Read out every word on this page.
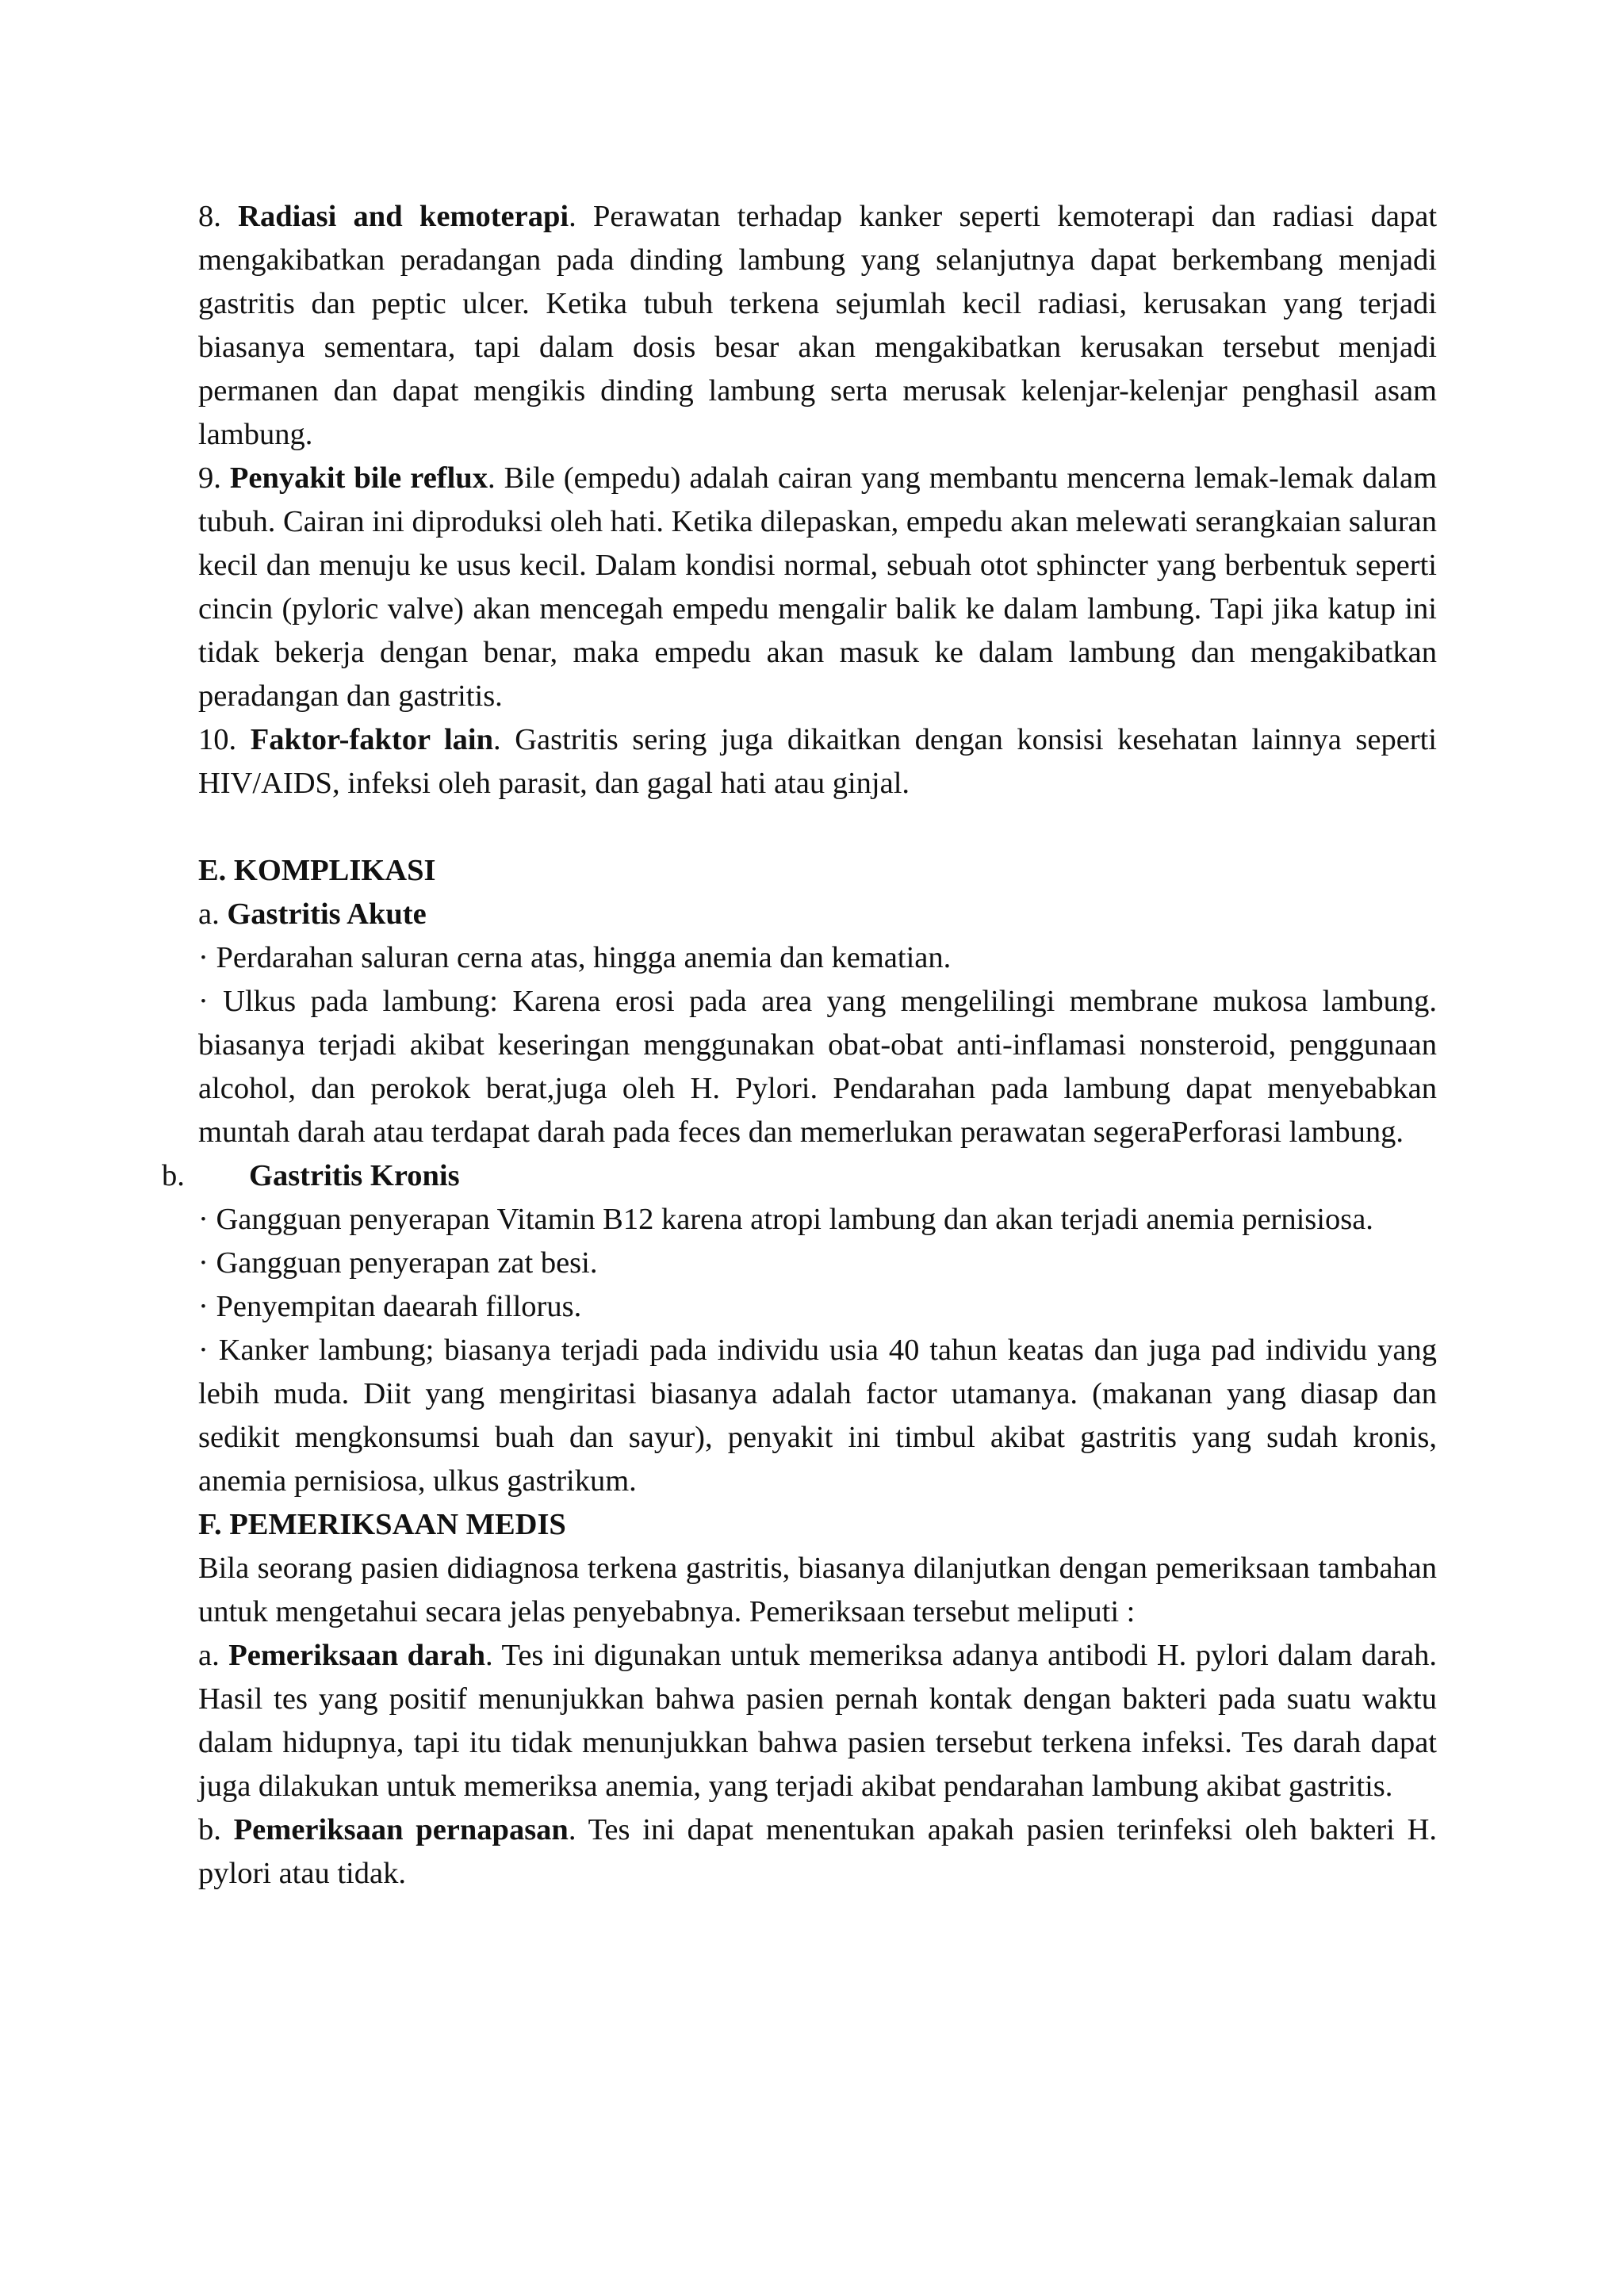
8. Radiasi and kemoterapi. Perawatan terhadap kanker seperti kemoterapi dan radiasi dapat mengakibatkan peradangan pada dinding lambung yang selanjutnya dapat berkembang menjadi gastritis dan peptic ulcer. Ketika tubuh terkena sejumlah kecil radiasi, kerusakan yang terjadi biasanya sementara, tapi dalam dosis besar akan mengakibatkan kerusakan tersebut menjadi permanen dan dapat mengikis dinding lambung serta merusak kelenjar-kelenjar penghasil asam lambung.

9. Penyakit bile reflux. Bile (empedu) adalah cairan yang membantu mencerna lemak-lemak dalam tubuh. Cairan ini diproduksi oleh hati. Ketika dilepaskan, empedu akan melewati serangkaian saluran kecil dan menuju ke usus kecil. Dalam kondisi normal, sebuah otot sphincter yang berbentuk seperti cincin (pyloric valve) akan mencegah empedu mengalir balik ke dalam lambung. Tapi jika katup ini tidak bekerja dengan benar, maka empedu akan masuk ke dalam lambung dan mengakibatkan peradangan dan gastritis.

10. Faktor-faktor lain. Gastritis sering juga dikaitkan dengan konsisi kesehatan lainnya seperti HIV/AIDS, infeksi oleh parasit, dan gagal hati atau ginjal.

E. KOMPLIKASI

a. Gastritis Akute

· Perdarahan saluran cerna atas, hingga anemia dan kematian.

· Ulkus pada lambung: Karena erosi pada area yang mengelilingi membrane mukosa lambung. biasanya terjadi akibat keseringan menggunakan obat-obat anti-inflamasi nonsteroid, penggunaan alcohol, dan perokok berat,juga oleh H. Pylori. Pendarahan pada lambung dapat menyebabkan muntah darah atau terdapat darah pada feces dan memerlukan perawatan segeraPerforasi lambung.

b. Gastritis Kronis

· Gangguan penyerapan Vitamin B12 karena atropi lambung dan akan terjadi anemia pernisiosa.

· Gangguan penyerapan zat besi.

· Penyempitan daearah fillorus.

· Kanker lambung; biasanya terjadi pada individu usia 40 tahun keatas dan juga pad individu yang lebih muda. Diit yang mengiritasi biasanya adalah factor utamanya. (makanan yang diasap dan sedikit mengkonsumsi buah dan sayur), penyakit ini timbul akibat gastritis yang sudah kronis, anemia pernisiosa, ulkus gastrikum.

F. PEMERIKSAAN MEDIS

Bila seorang pasien didiagnosa terkena gastritis, biasanya dilanjutkan dengan pemeriksaan tambahan untuk mengetahui secara jelas penyebabnya. Pemeriksaan tersebut meliputi :

a. Pemeriksaan darah. Tes ini digunakan untuk memeriksa adanya antibodi H. pylori dalam darah. Hasil tes yang positif menunjukkan bahwa pasien pernah kontak dengan bakteri pada suatu waktu dalam hidupnya, tapi itu tidak menunjukkan bahwa pasien tersebut terkena infeksi. Tes darah dapat juga dilakukan untuk memeriksa anemia, yang terjadi akibat pendarahan lambung akibat gastritis.

b. Pemeriksaan pernapasan. Tes ini dapat menentukan apakah pasien terinfeksi oleh bakteri H. pylori atau tidak.
